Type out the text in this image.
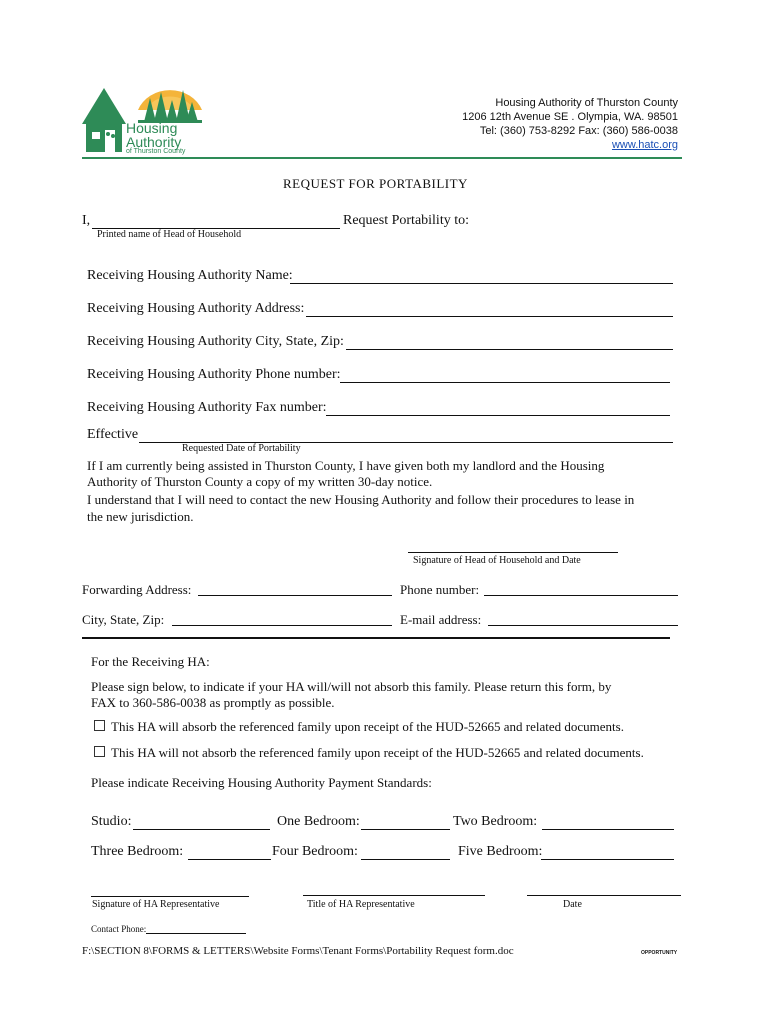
Housing
Authority
of Thurston County
Housing Authority of Thurston County
1206 12th Avenue SE . Olympia, WA. 98501
Tel: (360) 753-8292 Fax: (360) 586-0038
www.hatc.org
REQUEST FOR PORTABILITY
I,	Request Portability to:
Printed name of Head of Household
Receiving Housing Authority Name:
Receiving Housing Authority Address:
Receiving Housing Authority City, State, Zip:
Receiving Housing Authority Phone number:
Receiving Housing Authority Fax number:
Effective
Requested Date of Portability
If I am currently being assisted in Thurston County, I have given both my landlord and the Housing
Authority of Thurston County a copy of my written 30-day notice.
I understand that I will need to contact the new Housing Authority and follow their procedures to lease in
the new jurisdiction.
Signature of Head of Household and Date
Forwarding Address:	Phone number:
City, State, Zip:	E-mail address:
For the Receiving HA:
Please sign below, to indicate if your HA will/will not absorb this family. Please return this form, by
FAX to 360-586-0038 as promptly as possible.
This HA will absorb the referenced family upon receipt of the HUD-52665 and related documents.
This HA will not absorb the referenced family upon receipt of the HUD-52665 and related documents.
Please indicate Receiving Housing Authority Payment Standards:
Studio:	One Bedroom:	Two Bedroom:
Three Bedroom:	Four Bedroom:	Five Bedroom:
Signature of HA Representative	Title of HA Representative	Date
Contact Phone:
F:\SECTION 8\FORMS & LETTERS\Website Forms\Tenant Forms\Portability Request form.doc	OPPORTUNITY
